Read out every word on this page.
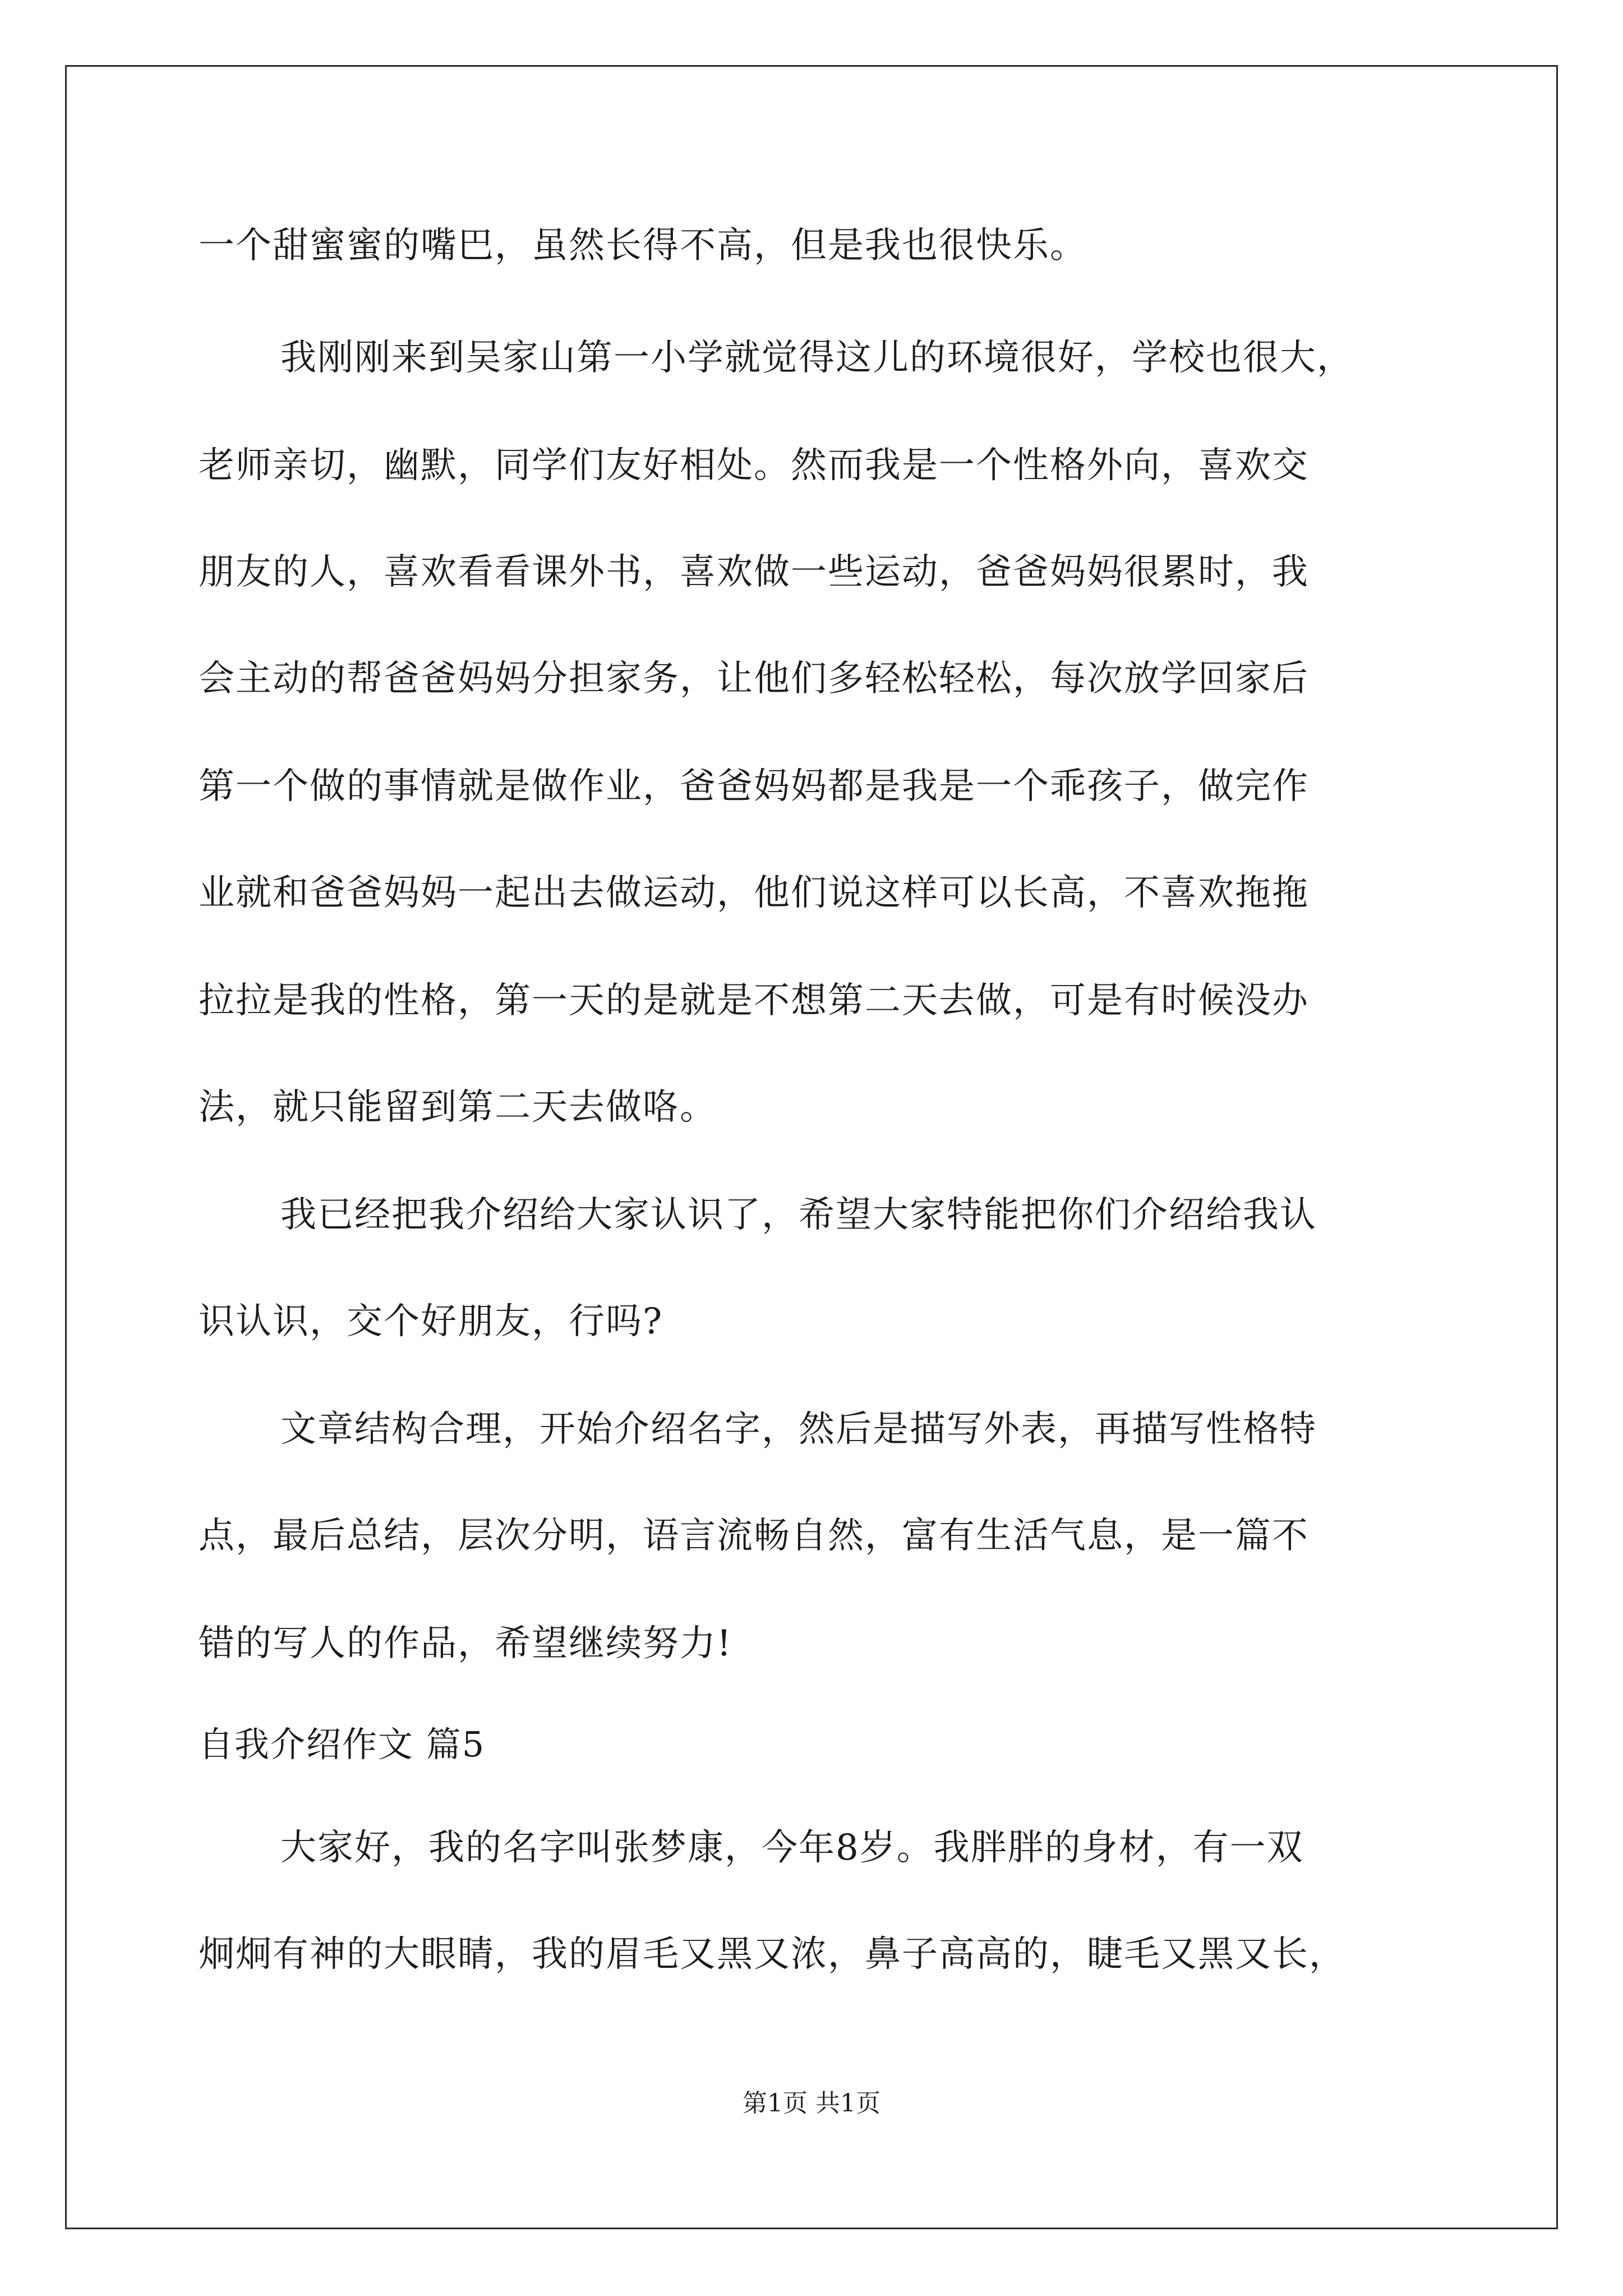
一个甜蜜蜜的嘴巴，虽然长得不高，但是我也很快乐。
我刚刚来到吴家山第一小学就觉得这儿的环境很好，学校也很大，
老师亲切，幽默，同学们友好相处。然而我是一个性格外向，喜欢交
朋友的人，喜欢看看课外书，喜欢做一些运动，爸爸妈妈很累时，我
会主动的帮爸爸妈妈分担家务，让他们多轻松轻松，每次放学回家后
第一个做的事情就是做作业，爸爸妈妈都是我是一个乖孩子，做完作
业就和爸爸妈妈一起出去做运动，他们说这样可以长高，不喜欢拖拖
拉拉是我的性格，第一天的是就是不想第二天去做，可是有时候没办
法，就只能留到第二天去做咯。
我已经把我介绍给大家认识了，希望大家特能把你们介绍给我认
识认识，交个好朋友，行吗?
文章结构合理，开始介绍名字，然后是描写外表，再描写性格特
点，最后总结，层次分明，语言流畅自然，富有生活气息，是一篇不
错的写人的作品，希望继续努力!
自我介绍作文 篇5
大家好，我的名字叫张梦康，今年8岁。我胖胖的身材，有一双
炯炯有神的大眼睛，我的眉毛又黑又浓，鼻子高高的，睫毛又黑又长，
第1页 共1页
